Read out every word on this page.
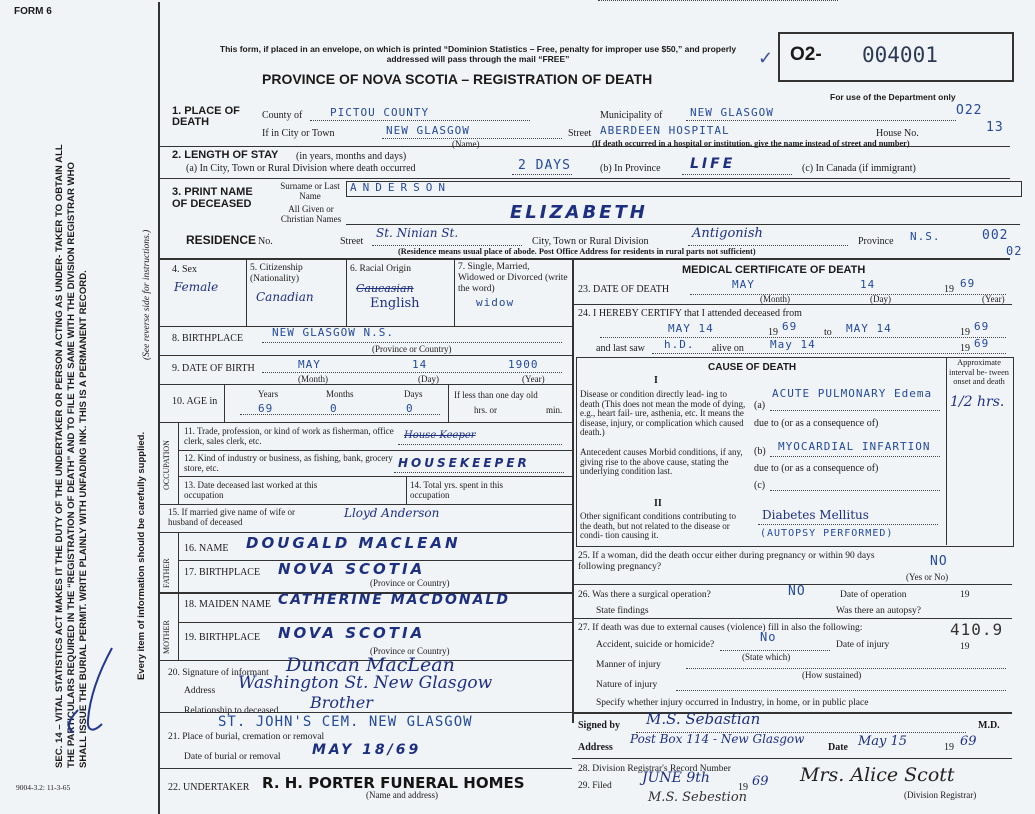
SEC. 14 – VITAL STATISTICS ACT MAKES IT THE DUTY OF THE UNDERTAKER OR PERSON ACTING AS UNDER- TAKER TO OBTAIN ALL THE PARTICULARS REQUIRED IN THE “REGISTRATION OF DEATH” AND TO FILE THE SAME WITH THE DIVISION REGISTRAR WHO SHALL ISSUE THE BURIAL PERMIT. WRITE PLAINLY WITH UNFADING INK. THIS IS A PERMANENT RECORD.	Every item of information should be carefully supplied.
(See reverse side for instructions.)
9004-3.2: 11-3-65
FORM 6
This form, if placed in an envelope, on which is printed “Dominion Statistics – Free, penalty for improper use $50,” and properly addressed will pass through the mail “FREE”
PROVINCE OF NOVA SCOTIA – REGISTRATION OF DEATH
O2- 004001
✓
For use of the Department only
O22
13
1. PLACE OF DEATH
County of	PICTOU COUNTY	Municipality of	NEW GLASGOW
If in City or Town	NEW GLASGOW
(Name)
Street ABERDEEN HOSPITAL	House No.
(If death occurred in a hospital or institution, give the name instead of street and number)
2. LENGTH OF STAY (in years, months and days)
(a) In City, Town or Rural Division where death occurred	2 DAYS	(b) In Province LIFE	(c) In Canada (if immigrant)
3. PRINT NAME OF DECEASED
Surname or Last Name
ANDERSON
All Given or Christian Names	ELIZABETH
RESIDENCE No.	Street
St. Ninian St.
City, Town or Rural Division
Antigonish
Province N.S.	002
02
(Residence means usual place of abode. Post Office Address for residents in rural parts not sufficient)
4. Sex
Female
5. Citizenship (Nationality)
Canadian
6. Racial Origin
Caucasian
English
7. Single, Married, Widowed or Divorced (write the word)
widow
8. BIRTHPLACE	NEW GLASGOW N.S.
(Province or Country)
9. DATE OF BIRTH	MAY	14	1900
(Month)	(Day)	(Year)
10. AGE in
Years	Months	Days
69	0	0
If less than one day old
hrs. or	min.
OCCUPATION
11. Trade, profession, or kind of work as fisherman, office clerk, sales clerk, etc.	House Keeper
12. Kind of industry or business, as fishing, bank, grocery store, etc.	HOUSEKEEPER
13. Date deceased last worked at this occupation
14. Total yrs. spent in this occupation
15. If married give name of wife or husband of deceased
Lloyd Anderson
FATHER
16. NAME DOUGALD MACLEAN
17. BIRTHPLACE NOVA SCOTIA
(Province or Country)
MOTHER
18. MAIDEN NAME CATHERINE MACDONALD
19. BIRTHPLACE NOVA SCOTIA
(Province or Country)
20. Signature of informant Duncan MacLean
Address Washington St. New Glasgow
Relationship to deceased Brother
ST. JOHN'S CEM. NEW GLASGOW
21. Place of burial, cremation or removal
Date of burial or removal MAY 18/69
22. UNDERTAKER R. H. PORTER FUNERAL HOMES
(Name and address)
MEDICAL CERTIFICATE OF DEATH
23. DATE OF DEATH	MAY	14	19 69
(Month)	(Day)	(Year)
24. I HEREBY CERTIFY that I attended deceased from
MAY 14	19 69	to MAY 14	19 69
and last saw h.D. alive on May 14	19 69
CAUSE OF DEATH	Approximate interval be- tween onset and death
I
Disease or condition directly lead- ing to death (This does not mean the mode of dying, e.g., heart fail- ure, asthenia, etc. It means the disease, injury, or complication which caused death.)
(a)
ACUTE PULMONARY Edema
1/2 hrs.
due to (or as a consequence of)
Antecedent causes Morbid conditions, if any, giving rise to the above cause, stating the underlying condition last.
(b) MYOCARDIAL INFARTION
due to (or as a consequence of)
(c)
II
Other significant conditions contributing to the death, but not related to the disease or condi- tion causing it.
Diabetes Mellitus
(AUTOPSY PERFORMED)
25. If a woman, did the death occur either during pregnancy or within 90 days following pregnancy?	NO
(Yes or No)
26. Was there a surgical operation?	NO	Date of operation	19
State findings	Was there an autopsy?
27. If death was due to external causes (violence) fill in also the following:	410.9
Accident, suicide or homicide?
No
(State which)
Date of injury	19
Manner of injury
(How sustained)
Nature of injury
Specify whether injury occurred in Industry, in home, or in public place
Signed by M.S. Sebastian	M.D.
Address
Post Box 114 - New Glasgow
Date May 15	19 69
28. Division Registrar's Record Number
29. Filed JUNE 9th
19 69 Mrs. Alice Scott
(Division Registrar)
M.S. Sebestion
